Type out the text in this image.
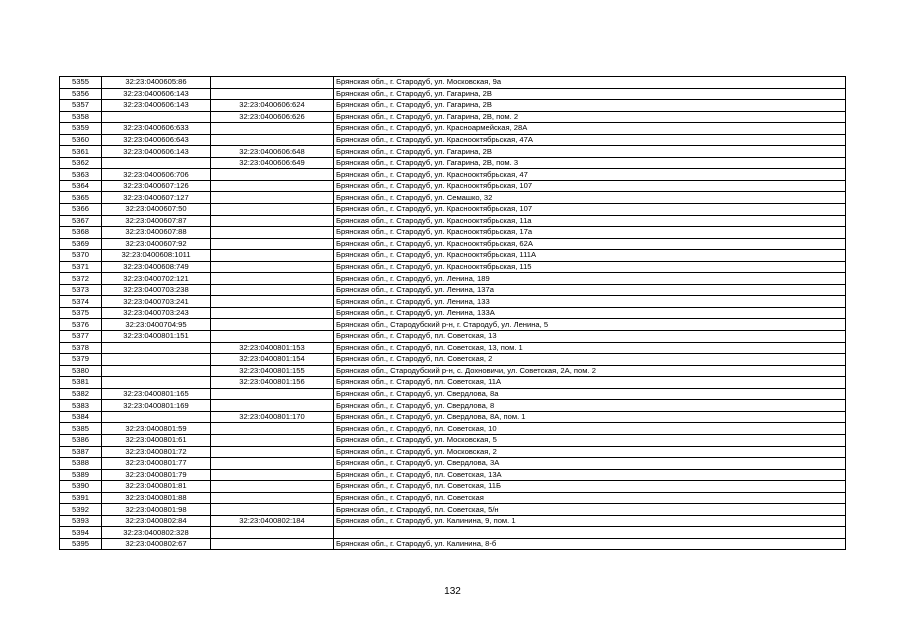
5355	32:23:0400605:86		Брянская обл., г. Стародуб, ул. Московская, 9а
5356	32:23:0400606:143		Брянская обл., г. Стародуб, ул. Гагарина, 2В
5357	32:23:0400606:143	32:23:0400606:624	Брянская обл., г. Стародуб, ул. Гагарина, 2В
5358		32:23:0400606:626	Брянская обл., г. Стародуб, ул. Гагарина, 2В, пом. 2
5359	32:23:0400606:633		Брянская обл., г. Стародуб, ул. Красноармейская, 28А
5360	32:23:0400606:643		Брянская обл., г. Стародуб, ул. Краснооктябрьская, 47А
5361	32:23:0400606:143	32:23:0400606:648	Брянская обл., г. Стародуб, ул. Гагарина, 2В
5362		32:23:0400606:649	Брянская обл., г. Стародуб, ул. Гагарина, 2В, пом. 3
5363	32:23:0400606:706		Брянская обл., г. Стародуб, ул. Краснооктябрьская, 47
5364	32:23:0400607:126		Брянская обл., г. Стародуб, ул. Краснооктябрьская, 107
5365	32:23:0400607:127		Брянская обл., г. Стародуб, ул. Семашко, 32
5366	32:23:0400607:50		Брянская обл., г. Стародуб, ул. Краснооктябрьская, 107
5367	32:23:0400607:87		Брянская обл., г. Стародуб, ул. Краснооктябрьская, 11а
5368	32:23:0400607:88		Брянская обл., г. Стародуб, ул. Краснооктябрьская, 17а
5369	32:23:0400607:92		Брянская обл., г. Стародуб, ул. Краснооктябрьская, 62А
5370	32:23:0400608:1011		Брянская обл., г. Стародуб, ул. Краснооктябрьская, 111А
5371	32:23:0400608:749		Брянская обл., г. Стародуб, ул. Краснооктябрьская, 115
5372	32:23:0400702:121		Брянская обл., г. Стародуб, ул. Ленина, 189
5373	32:23:0400703:238		Брянская обл., г. Стародуб, ул. Ленина, 137а
5374	32:23:0400703:241		Брянская обл., г. Стародуб, ул. Ленина, 133
5375	32:23:0400703:243		Брянская обл., г. Стародуб, ул. Ленина, 133А
5376	32:23:0400704:95		Брянская обл., Стародубский р-н, г. Стародуб, ул. Ленина, 5
5377	32:23:0400801:151		Брянская обл., г. Стародуб, пл. Советская, 13
5378		32:23:0400801:153	Брянская обл., г. Стародуб, пл. Советская, 13, пом. 1
5379		32:23:0400801:154	Брянская обл., г. Стародуб, пл. Советская, 2
5380		32:23:0400801:155	Брянская обл., Стародубский р-н, с. Дохновичи, ул. Советская, 2А, пом. 2
5381		32:23:0400801:156	Брянская обл., г. Стародуб, пл. Советская, 11А
5382	32:23:0400801:165		Брянская обл., г. Стародуб, ул. Свердлова, 8а
5383	32:23:0400801:169		Брянская обл., г. Стародуб, ул. Свердлова, 8
5384		32:23:0400801:170	Брянская обл., г. Стародуб, ул. Свердлова, 8А, пом. 1
5385	32:23:0400801:59		Брянская обл., г. Стародуб, пл. Советская, 10
5386	32:23:0400801:61		Брянская обл., г. Стародуб, ул. Московская, 5
5387	32:23:0400801:72		Брянская обл., г. Стародуб, ул. Московская, 2
5388	32:23:0400801:77		Брянская обл., г. Стародуб, ул. Свердлова, 3А
5389	32:23:0400801:79		Брянская обл., г. Стародуб, пл. Советская, 13А
5390	32:23:0400801:81		Брянская обл., г. Стародуб, пл. Советская, 11Б
5391	32:23:0400801:88		Брянская обл., г. Стародуб, пл. Советская
5392	32:23:0400801:98		Брянская обл., г. Стародуб, пл. Советская, 5/н
5393	32:23:0400802:84	32:23:0400802:184	Брянская обл., г. Стародуб, ул. Калинина, 9, пом. 1
5394	32:23:0400802:328		
5395	32:23:0400802:67		Брянская обл., г. Стародуб, ул. Калинина, 8-б
132
